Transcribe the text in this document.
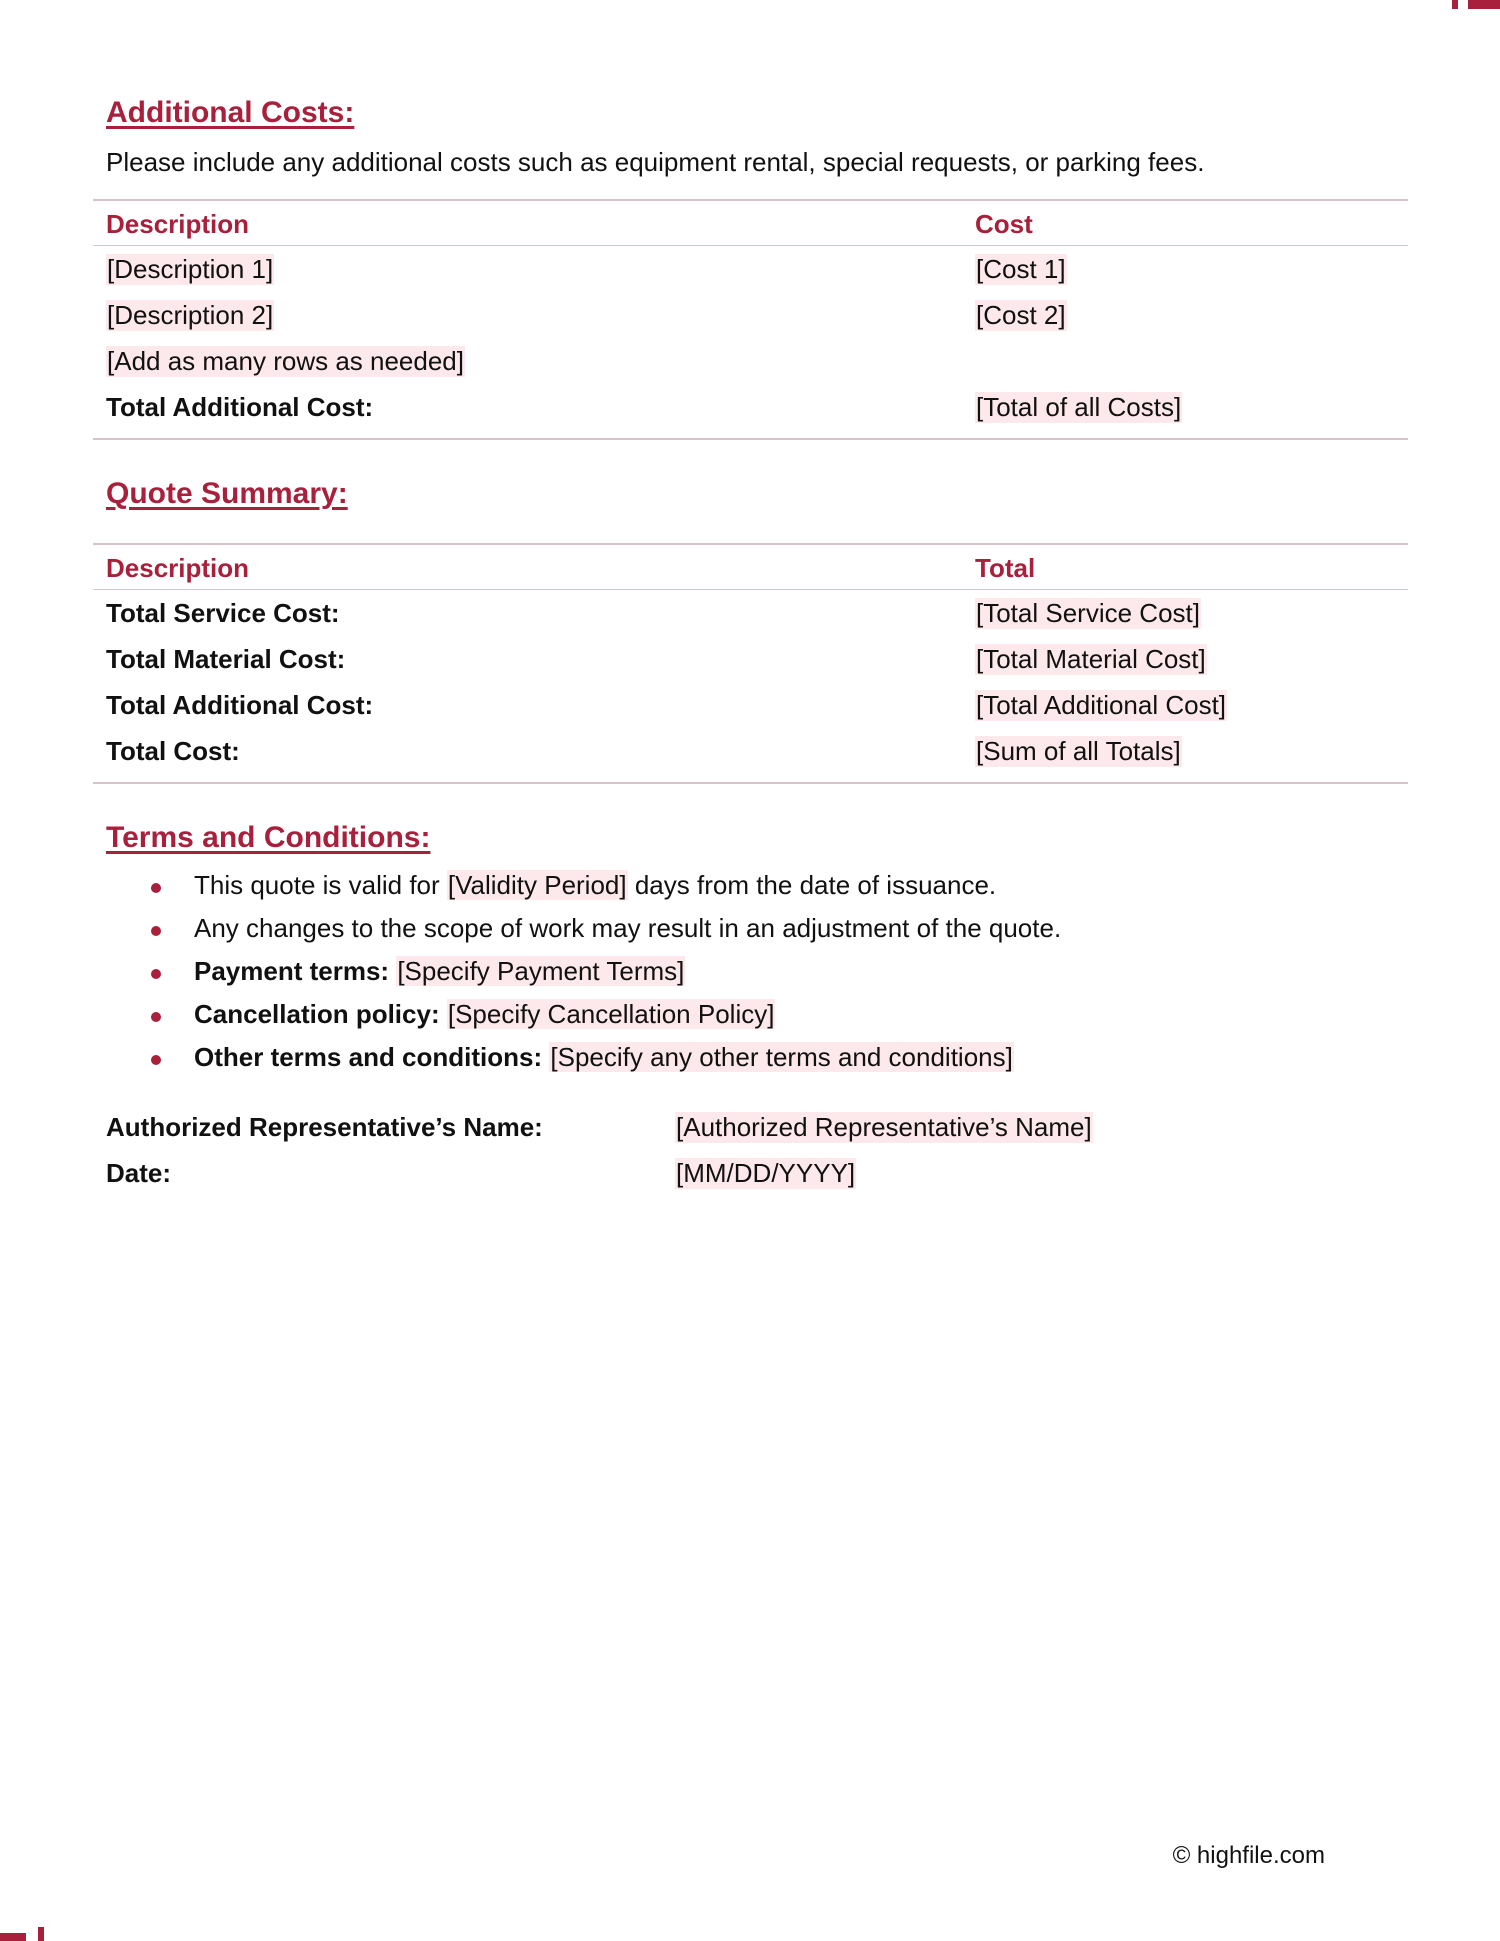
Additional Costs:
Please include any additional costs such as equipment rental, special requests, or parking fees.
Description	Cost
[Description 1]	[Cost 1]
[Description 2]	[Cost 2]
[Add as many rows as needed]
Total Additional Cost:	[Total of all Costs]
Quote Summary:
Description	Total
Total Service Cost:	[Total Service Cost]
Total Material Cost:	[Total Material Cost]
Total Additional Cost:	[Total Additional Cost]
Total Cost:	[Sum of all Totals]
Terms and Conditions:
This quote is valid for [Validity Period] days from the date of issuance.
Any changes to the scope of work may result in an adjustment of the quote.
Payment terms: [Specify Payment Terms]
Cancellation policy: [Specify Cancellation Policy]
Other terms and conditions: [Specify any other terms and conditions]
Authorized Representative’s Name:	[Authorized Representative’s Name]
Date:	[MM/DD/YYYY]
© highfile.com
